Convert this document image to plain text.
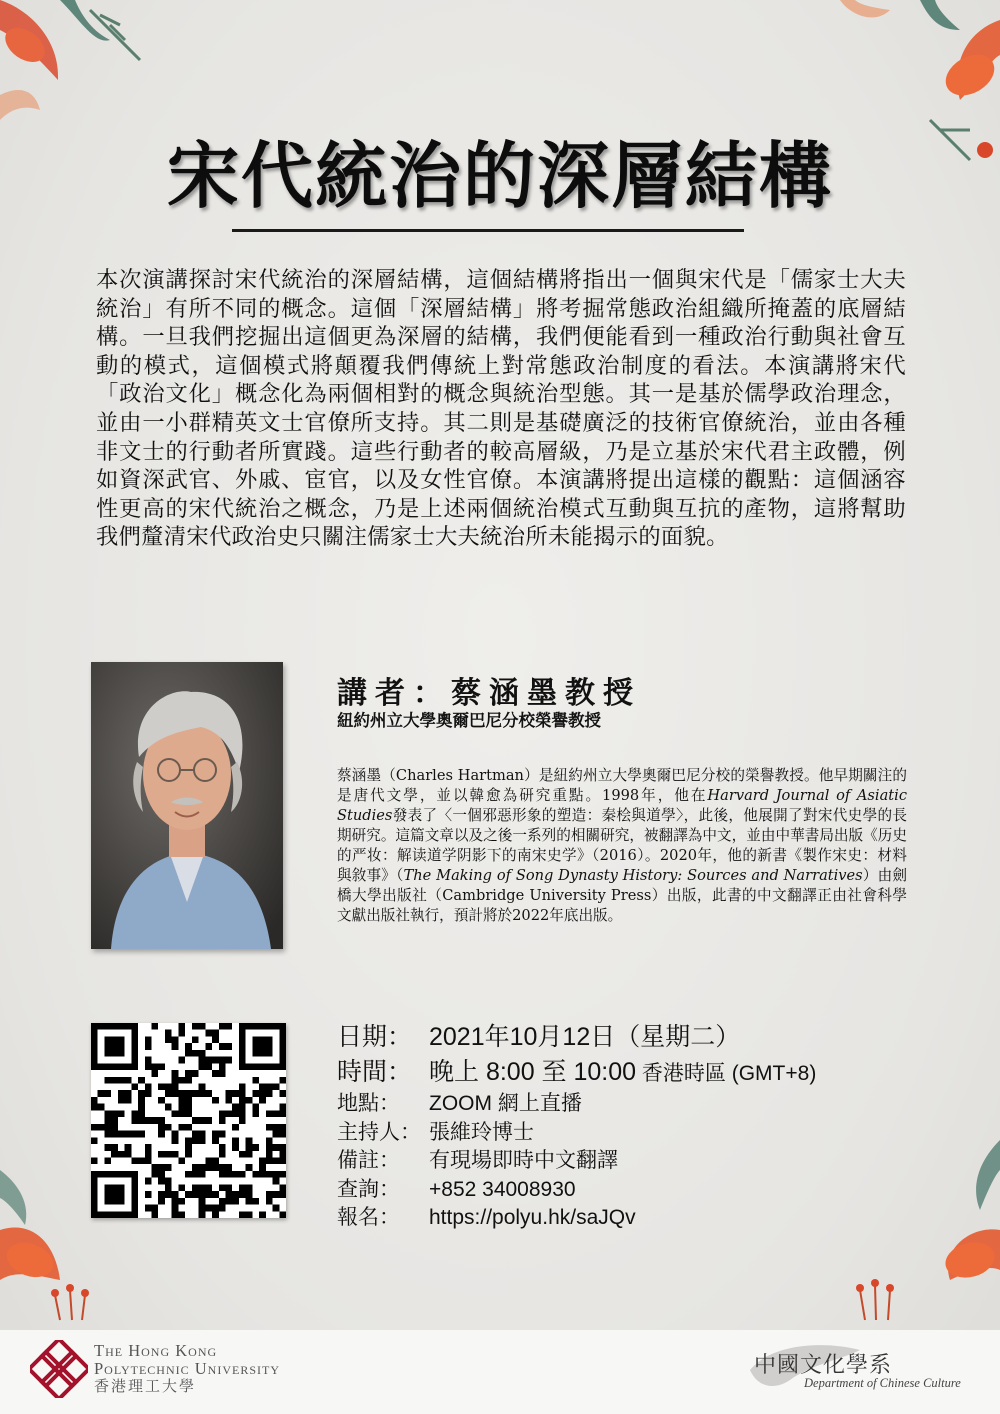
宋代統治的深層結構
本次演講探討宋代統治的深層結構，這個結構將指出一個與宋代是「儒家士大夫統治」有所不同的概念。這個「深層結構」將考掘常態政治組織所掩蓋的底層結構。一旦我們挖掘出這個更為深層的結構，我們便能看到一種政治行動與社會互動的模式，這個模式將顛覆我們傳統上對常態政治制度的看法。本演講將宋代「政治文化」概念化為兩個相對的概念與統治型態。其一是基於儒學政治理念，並由一小群精英文士官僚所支持。其二則是基礎廣泛的技術官僚統治，並由各種非文士的行動者所實踐。這些行動者的較高層級，乃是立基於宋代君主政體，例如資深武官、外戚、宦官，以及女性官僚。本演講將提出這樣的觀點：這個涵容性更高的宋代統治之概念，乃是上述兩個統治模式互動與互抗的產物，這將幫助我們釐清宋代政治史只關注儒家士大夫統治所未能揭示的面貌。
講者：蔡涵墨教授
紐約州立大學奧爾巴尼分校榮譽教授
蔡涵墨（Charles Hartman）是紐約州立大學奧爾巴尼分校的榮譽教授。他早期關注的是唐代文學，並以韓愈為研究重點。1998年，他在Harvard Journal of Asiatic Studies發表了〈一個邪惡形象的塑造：秦桧與道學〉，此後，他展開了對宋代史學的長期研究。這篇文章以及之後一系列的相關研究，被翻譯為中文，並由中華書局出版《历史的严妆：解读道学阴影下的南宋史学》（2016）。2020年，他的新書《製作宋史：材料與敘事》（The Making of Song Dynasty History: Sources and Narratives）由劍橋大學出版社（Cambridge University Press）出版，此書的中文翻譯正由社會科學文獻出版社執行，預計將於2022年底出版。
日期： 2021年10月12日（星期二）
時間： 晚上 8:00 至 10:00 香港時區 (GMT+8)
地點：	ZOOM 網上直播
主持人： 張維玲博士
備註：	有現場即時中文翻譯
查詢：	+852 34008930
報名：	https://polyu.hk/saJQv
The Hong Kong
Polytechnic University
香港理工大學
中國文化學系
Department of Chinese Culture
